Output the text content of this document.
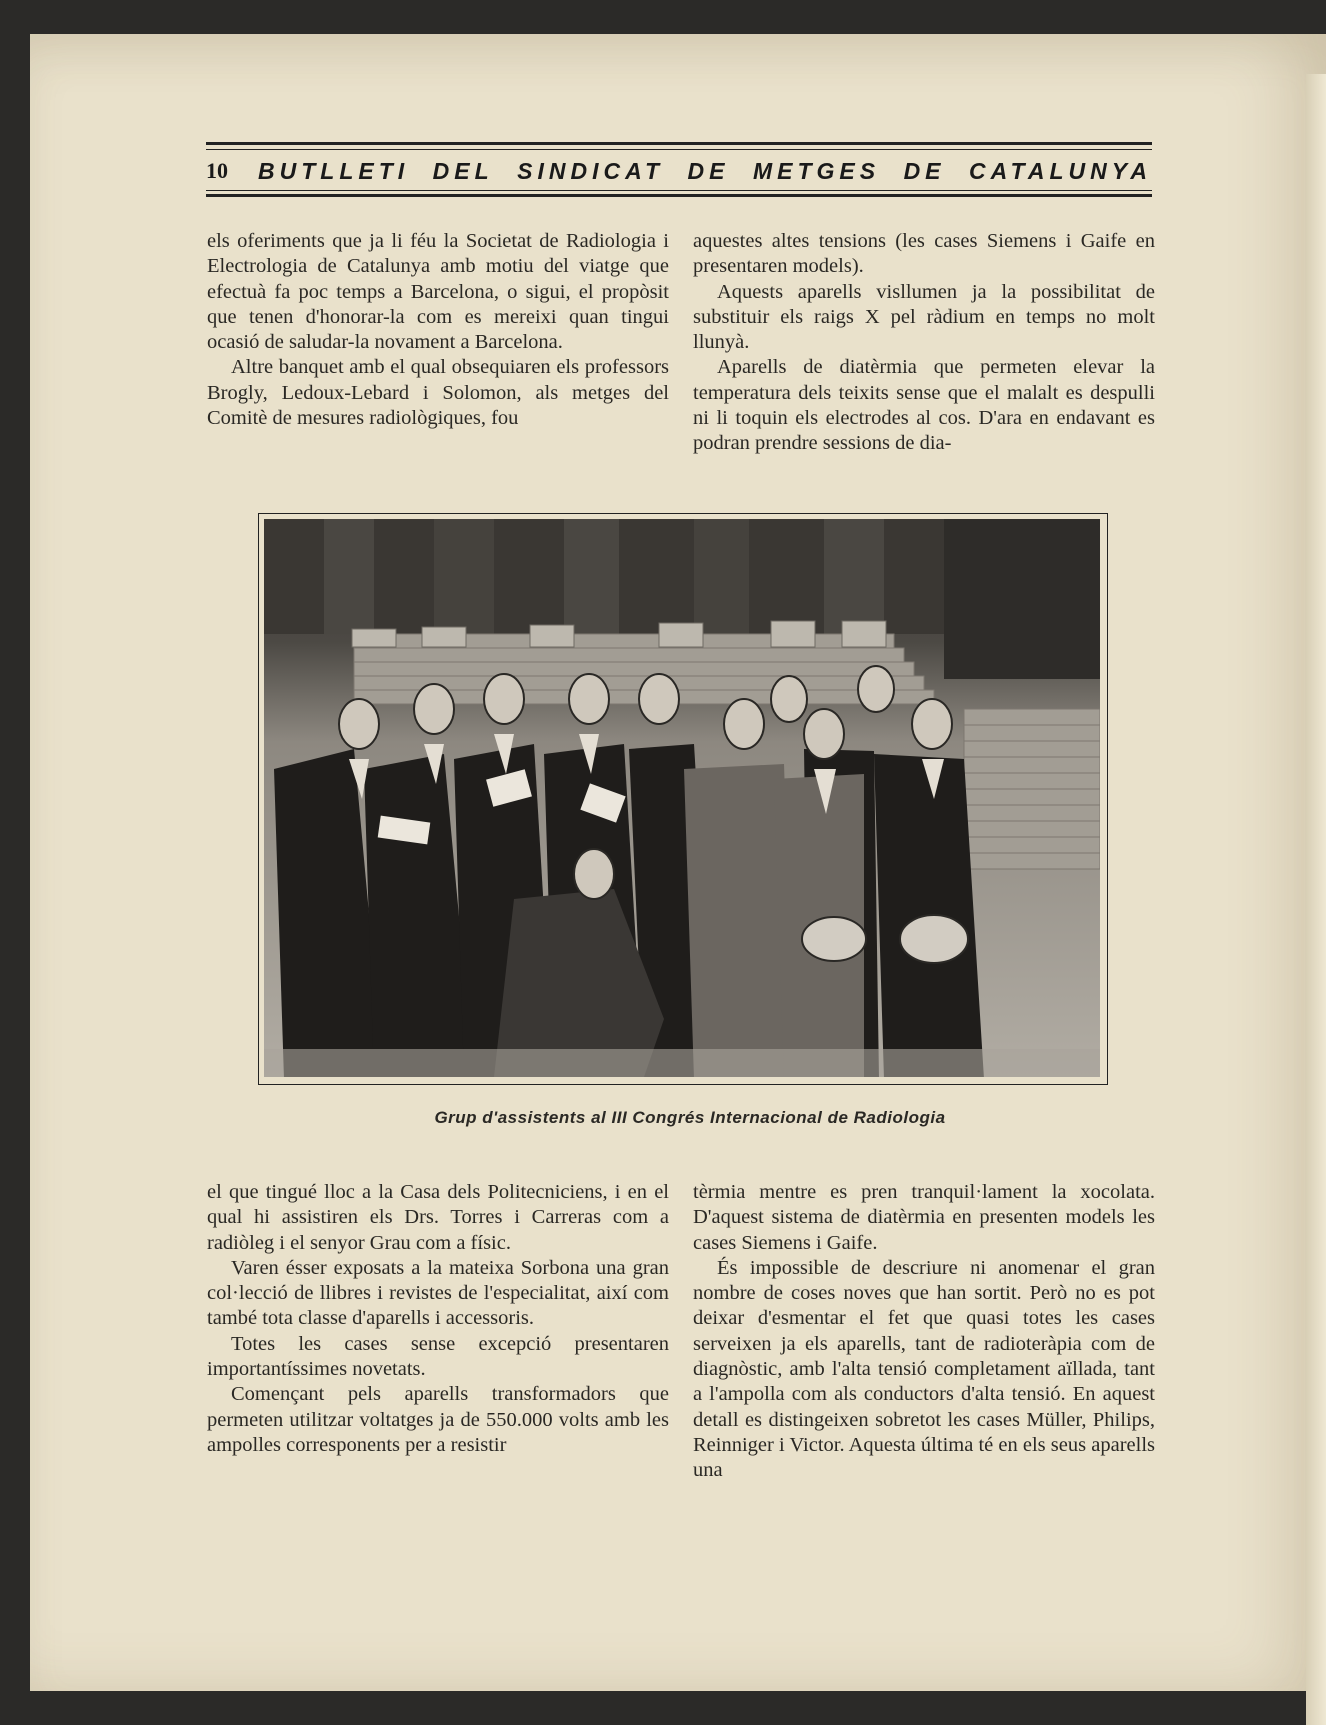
10	BUTLLETI DEL SINDICAT DE METGES DE CATALUNYA

els oferiments que ja li féu la Societat de Radiologia i Electrologia de Catalunya amb motiu del viatge que efectuà fa poc temps a Barcelona, o sigui, el propòsit que tenen d'honorar-la com es mereixi quan tingui ocasió de saludar-la novament a Barcelona.

Altre banquet amb el qual obsequiaren els professors Brogly, Ledoux-Lebard i Solomon, als metges del Comitè de mesures radiològiques, fou

aquestes altes tensions (les cases Siemens i Gaife en presentaren models).

Aquests aparells visllumen ja la possibilitat de substituir els raigs X pel ràdium en temps no molt llunyà.

Aparells de diatèrmia que permeten elevar la temperatura dels teixits sense que el malalt es despulli ni li toquin els electrodes al cos. D'ara en endavant es podran prendre sessions de dia-

Grup d'assistents al III Congrés Internacional de Radiologia

el que tingué lloc a la Casa dels Politecniciens, i en el qual hi assistiren els Drs. Torres i Carreras com a radiòleg i el senyor Grau com a físic.

Varen ésser exposats a la mateixa Sorbona una gran col·lecció de llibres i revistes de l'especialitat, així com també tota classe d'aparells i accessoris.

Totes les cases sense excepció presentaren importantíssimes novetats.

Començant pels aparells transformadors que permeten utilitzar voltatges ja de 550.000 volts amb les ampolles corresponents per a resistir

tèrmia mentre es pren tranquil·lament la xocolata. D'aquest sistema de diatèrmia en presenten models les cases Siemens i Gaife.

És impossible de descriure ni anomenar el gran nombre de coses noves que han sortit. Però no es pot deixar d'esmentar el fet que quasi totes les cases serveixen ja els aparells, tant de radioteràpia com de diagnòstic, amb l'alta tensió completament aïllada, tant a l'ampolla com als conductors d'alta tensió. En aquest detall es distingeixen sobretot les cases Müller, Philips, Reinniger i Victor. Aquesta última té en els seus aparells una
